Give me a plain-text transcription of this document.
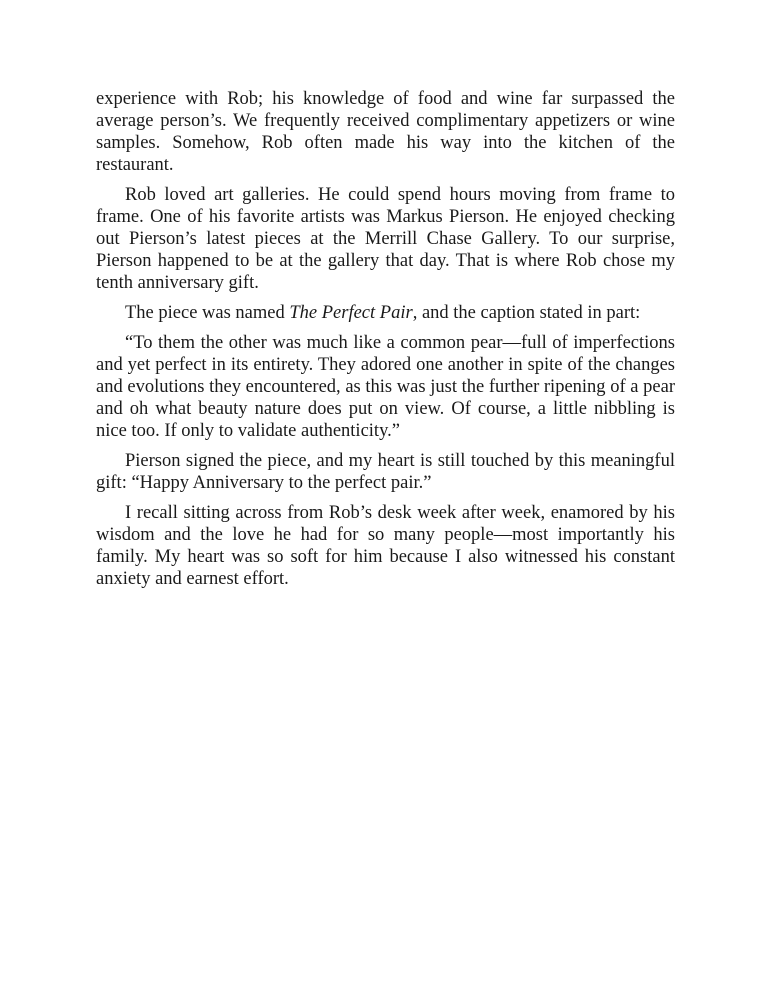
experience with Rob; his knowledge of food and wine far surpassed the average person’s. We frequently received complimentary appetizers or wine samples. Somehow, Rob often made his way into the kitchen of the restaurant.

Rob loved art galleries. He could spend hours moving from frame to frame. One of his favorite artists was Markus Pierson. He enjoyed checking out Pierson’s latest pieces at the Merrill Chase Gallery. To our surprise, Pierson happened to be at the gallery that day. That is where Rob chose my tenth anniversary gift.

The piece was named The Perfect Pair, and the caption stated in part:

“To them the other was much like a common pear—full of imperfections and yet perfect in its entirety. They adored one another in spite of the changes and evolutions they encountered, as this was just the further ripening of a pear and oh what beauty nature does put on view. Of course, a little nibbling is nice too. If only to validate authenticity.”

Pierson signed the piece, and my heart is still touched by this meaningful gift: “Happy Anniversary to the perfect pair.”

I recall sitting across from Rob’s desk week after week, enamored by his wisdom and the love he had for so many people—most importantly his family. My heart was so soft for him because I also witnessed his constant anxiety and earnest effort.
